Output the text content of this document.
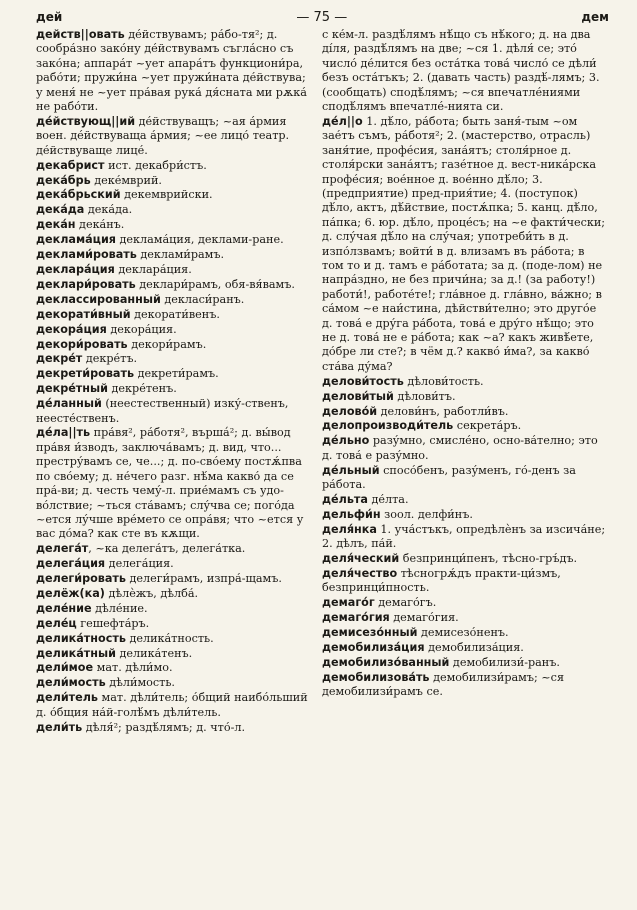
дей	— 75 —	дем
действ||овать де́йствувамъ; ра́бо-тя²; д. сообра́зно зако́ну де́йствувамъ съгла́сно съ зако́на; аппара́т ~ует апара́тъ функциони́ра, рабо́ти; пружи́на ~ует пружи́ната де́йствува; у меня́ не ~ует пра́вая рука́ дя́сната ми рѫка́ не рабо́ти.
де́йствующ||ий де́йствуващъ; ~ая а́рмия воен. де́йствуваща а́рмия; ~ее лицо́ театр. де́йствуваще лице́.
декабрист ист. декабри́стъ.
дека́брь деке́мврий.
дека́брьский декемврийски.
дека́да дека́да.
дека́н дека́нъ.
деклама́ция деклама́ция, деклами-ране.
деклами́ровать деклами́рамъ.
деклара́ция деклара́ция.
деклари́ровать деклари́рамъ, обя-вя́вамъ.
деклассированный декласи́ранъ.
декорати́вный декорати́венъ.
декора́ция декора́ция.
декори́ровать декори́рамъ.
декре́т декре́тъ.
декрети́ровать декрети́рамъ.
декре́тный декре́тенъ.
де́ланный (неестественный) изку́-ственъ, неесте́ственъ.
де́ла||ть пра́вя², ра́ботя², вършá²; д. вы́вод пра́вя и́зводъ, заключа́вамъ; д. вид, что... престру́вамъ се, че...; д. по-сво́ему постѫ́пва по сво́ему; д. не́чего разг. нѣ́ма какво́ да се пра́-ви; д. честь чему́-л. прие́мамъ съ удо-во́лствие; ~ться ста́вамъ; слу́чва се; пого́да ~ется лу́чше вре́мето се опра́вя; что ~ется у вас до́ма? как сте въ кѫщи.
делега́т, ~ка делега́тъ, делега́тка.
делега́ция делега́ция.
делеги́ровать делеги́рамъ, изпра́-щамъ.
делёж(ка) дѣлѐжъ, дѣлба́.
деле́ние дѣле́ние.
деле́ц гешефта́ръ.
делика́тность делика́тность.
делика́тный делика́тенъ.
дели́мое мат. дѣли́мо.
дели́мость дѣли́мость.
дели́тель мат. дѣли́тель; о́бщий наибо́льший д. о́бщия на́й-голѣ́мъ дѣли́тель.
дели́ть дѣля́²; раздѣ́лямъ; д. что́-л.
с ке́м-л. раздѣ́лямъ нѣ́що съ нѣ́кого; д. на два ді́ля, раздѣ́лямъ на две; ~ся 1. дѣля́ се; это́ число́ де́лится без оста́тка това́ число́ се дѣли́ безъ оста́тъкъ; 2. (давать часть) раздѣ́-лямъ; 3. (сообщать) сподѣ́лямъ; ~ся впечатле́ниями сподѣ́лямъ впечатле́-нията си.
де́л||о 1. дѣ́ло, ра́бота; быть заня́-тым ~ом зае́тъ съмъ, ра́ботя²; 2. (мастерство, отрасль) заня́тие, профе́сия, зана́ятъ; столя́рное д. столя́рски зана́ятъ; газе́тное д. вест-ника́рска профе́сия; вое́нное д. вое́нно дѣ́ло; 3. (предприятие) пред-прия́тие; 4. (поступок) дѣ́ло, актъ, дѣ́йствие, постѫ́пка; 5. канц. дѣ́ло, па́пка; 6. юр. дѣ́ло, проце́съ; на ~е факти́чески; д. слу́чая дѣ́ло на слу́чая; употреби́ть в д. изпо́лзвамъ; войти́ в д. влизамъ въ ра́бота; в том то и д. тамъ е ра́ботата; за д. (поде-лом) не напра́здно, не без причи́на; за д.! (за работу!) работи́!, работе́те!; гла́вное д. гла́вно, ва́жно; в са́мом ~е наи́стина, дѣйстви́телно; это друго́е д. това́ е дру́га ра́бота, това́ е дру́го нѣ́що; это не д. това́ не е ра́бота; как ~а? какъ живѣ́ете, до́бре ли сте?; в чём д.? какво́ и́ма?, за какво́ ста́ва ду́ма?
делови́тость дѣлови́тость.
делови́тый дѣлови́тъ.
делово́й делови́нъ, работли́въ.
делопроизводи́тель секрета́ръ.
де́льно разу́мно, смисле́но, осно-ва́телно; это д. това́ е разу́мно.
де́льный спосо́бенъ, разу́менъ, го́-денъ за ра́бота.
де́льта де́лта.
дельфи́н зоол. делфи́нъ.
деля́нка 1. уча́стъкъ, опредѣлѐнъ за изсича́не; 2. дѣлъ, па́й.
деля́ческий безпринци́пенъ, тѣсно-гръ́дъ.
деля́чество тѣсногрѫ́дъ практи-ци́змъ, безпринци́пность.
демаго́г демаго́гъ.
демаго́гия демаго́гия.
демисезо́нный демисезо́ненъ.
демобилиза́ция демобилиза́ция.
демобилизо́ванный демобилизи́-ранъ.
демобилизова́ть демобилизи́рамъ; ~ся демобилизи́рамъ се.
